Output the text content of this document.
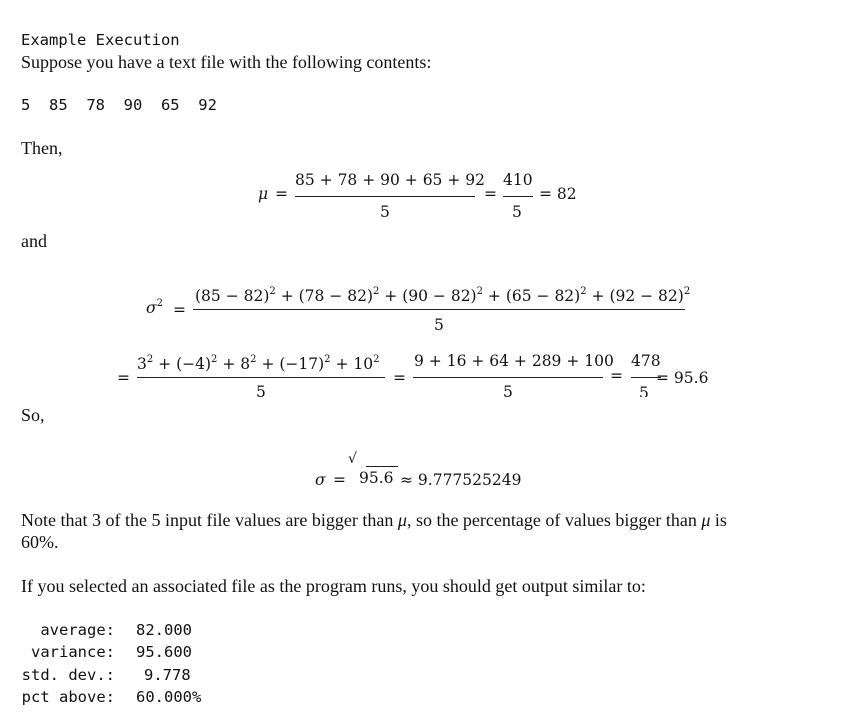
Example Execution
Suppose you have a text file with the following contents:
5  85  78  90  65  92
Then,
μ =
85 + 78 + 90 + 65 + 92
5
=
410
5
= 82
and
$\sigma^2$ =
$(85 - 82)^2 + (78 - 82)^2 + (90 - 82)^2 + (65 - 82)^2 + (92 - 82)^2$
5
=
$3^2 + (-4)^2 + 8^2 + (-17)^2 + 10^2$
5
=
9 + 16 + 64 + 289 + 100
5
=
478
5
= 95.6
So,
σ =
√
95.6 ≈ 9.777525249
Note that 3 of the 5 input file values are bigger than μ, so the percentage of values bigger than μ is
60%.
If you selected an associated file as the program runs, you should get output similar to:
average: 82.000
variance: 95.600
std. dev.: 9.778
pct above: 60.000%
